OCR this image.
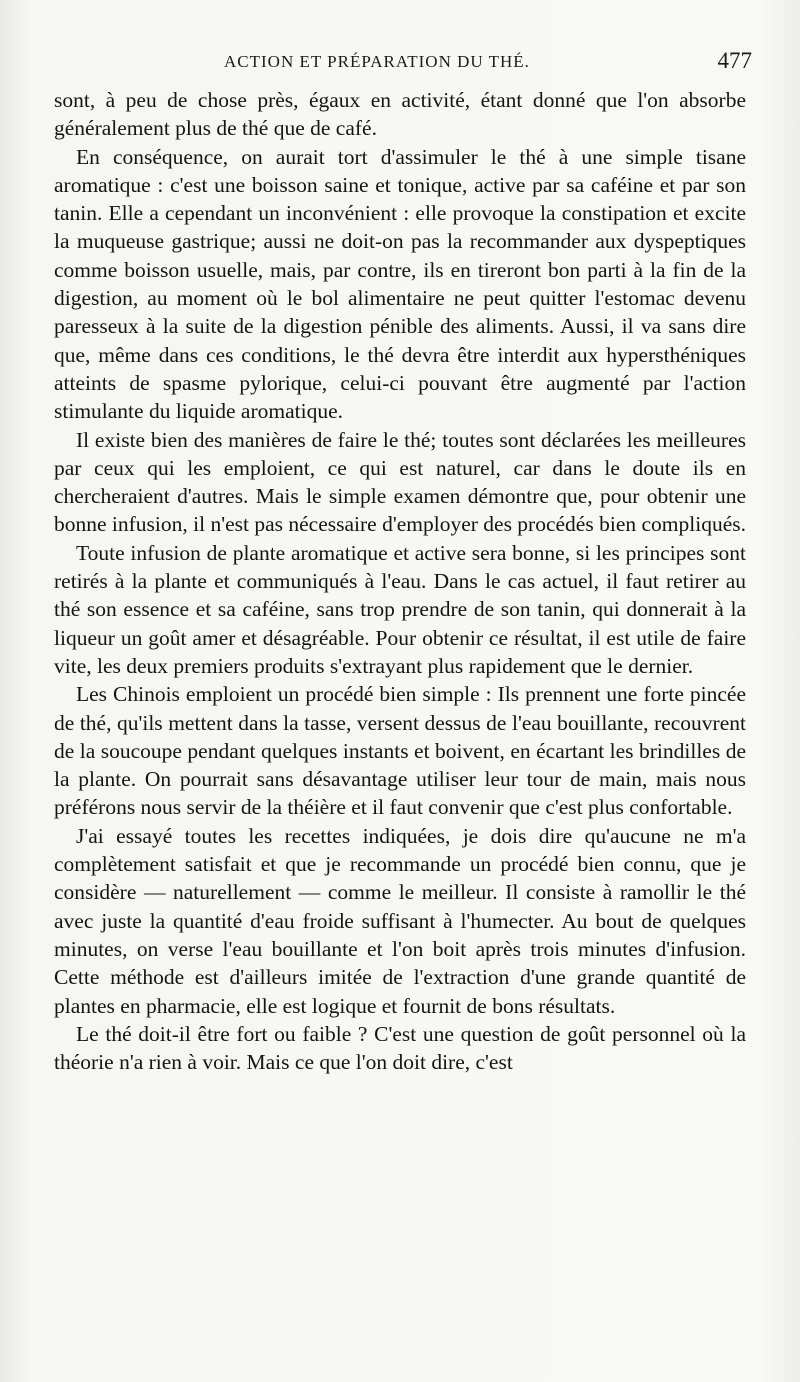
ACTION ET PRÉPARATION DU THÉ.	477

sont, à peu de chose près, égaux en activité, étant donné que l'on absorbe généralement plus de thé que de café.

En conséquence, on aurait tort d'assimuler le thé à une simple tisane aromatique : c'est une boisson saine et tonique, active par sa caféine et par son tanin. Elle a cependant un inconvénient : elle provoque la constipation et excite la muqueuse gastrique; aussi ne doit-on pas la recommander aux dyspeptiques comme boisson usuelle, mais, par contre, ils en tireront bon parti à la fin de la digestion, au moment où le bol alimentaire ne peut quitter l'estomac devenu paresseux à la suite de la digestion pénible des aliments. Aussi, il va sans dire que, même dans ces conditions, le thé devra être interdit aux hypersthéniques atteints de spasme pylorique, celui-ci pouvant être augmenté par l'action stimulante du liquide aromatique.

Il existe bien des manières de faire le thé; toutes sont déclarées les meilleures par ceux qui les emploient, ce qui est naturel, car dans le doute ils en chercheraient d'autres. Mais le simple examen démontre que, pour obtenir une bonne infusion, il n'est pas nécessaire d'employer des procédés bien compliqués.

Toute infusion de plante aromatique et active sera bonne, si les principes sont retirés à la plante et communiqués à l'eau. Dans le cas actuel, il faut retirer au thé son essence et sa caféine, sans trop prendre de son tanin, qui donnerait à la liqueur un goût amer et désagréable. Pour obtenir ce résultat, il est utile de faire vite, les deux premiers produits s'extrayant plus rapidement que le dernier.

Les Chinois emploient un procédé bien simple : Ils prennent une forte pincée de thé, qu'ils mettent dans la tasse, versent dessus de l'eau bouillante, recouvrent de la soucoupe pendant quelques instants et boivent, en écartant les brindilles de la plante. On pourrait sans désavantage utiliser leur tour de main, mais nous préférons nous servir de la théière et il faut convenir que c'est plus confortable.

J'ai essayé toutes les recettes indiquées, je dois dire qu'aucune ne m'a complètement satisfait et que je recommande un procédé bien connu, que je considère — naturellement — comme le meilleur. Il consiste à ramollir le thé avec juste la quantité d'eau froide suffisant à l'humecter. Au bout de quelques minutes, on verse l'eau bouillante et l'on boit après trois minutes d'infusion. Cette méthode est d'ailleurs imitée de l'extraction d'une grande quantité de plantes en pharmacie, elle est logique et fournit de bons résultats.

Le thé doit-il être fort ou faible ? C'est une question de goût personnel où la théorie n'a rien à voir. Mais ce que l'on doit dire, c'est
